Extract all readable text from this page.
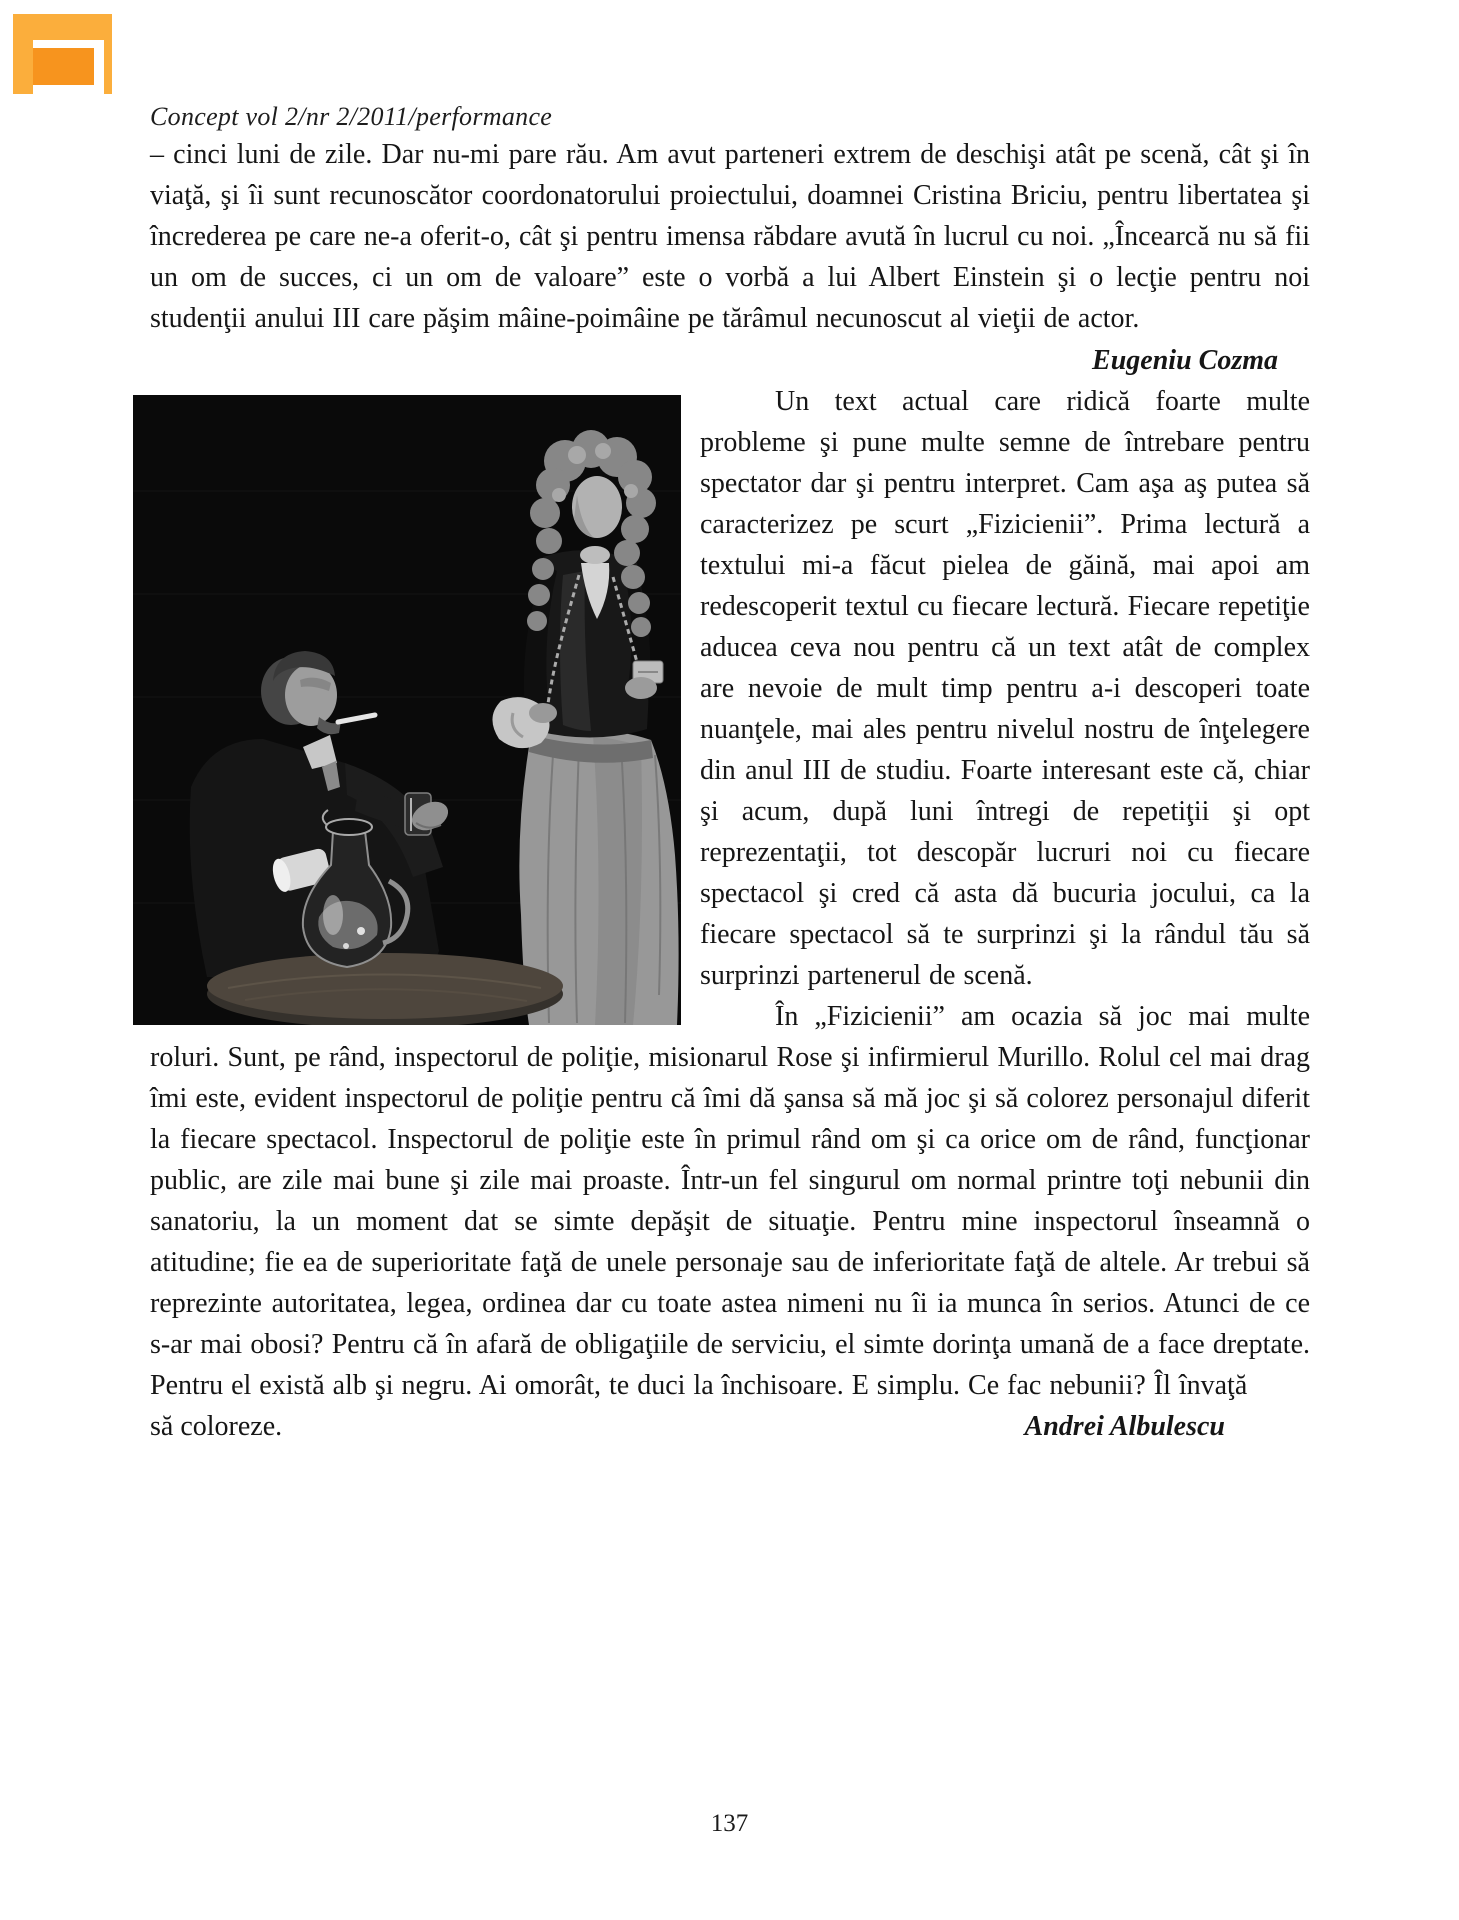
Concept vol 2/nr 2/2011/performance

– cinci luni de zile. Dar nu-mi pare rău. Am avut parteneri extrem de deschişi atât pe scenă, cât şi în viaţă, şi îi sunt recunoscător coordonatorului proiectului, doamnei Cristina Briciu, pentru libertatea şi încrederea pe care ne-a oferit-o, cât şi pentru imensa răbdare avută în lucrul cu noi. „Încearcă nu să fii un om de succes, ci un om de valoare” este o vorbă a lui Albert Einstein şi o lecţie pentru noi studenţii anului III care păşim mâine-poimâine pe tărâmul necunoscut al vieţii de actor.

Eugeniu Cozma

Un text actual care ridică foarte multe probleme şi pune multe semne de întrebare pentru spectator dar şi pentru interpret. Cam aşa aş putea să caracterizez pe scurt „Fizicienii”. Prima lectură a textului mi-a făcut pielea de găină, mai apoi am redescoperit textul cu fiecare lectură. Fiecare repetiţie aducea ceva nou pentru că un text atât de complex are nevoie de mult timp pentru a-i descoperi toate nuanţele, mai ales pentru nivelul nostru de înţelegere din anul III de studiu. Foarte interesant este că, chiar şi acum, după luni întregi de repetiţii şi opt reprezentaţii, tot descopăr lucruri noi cu fiecare spectacol şi cred că asta dă bucuria jocului, ca la fiecare spectacol să te surprinzi şi la rândul tău să surprinzi partenerul de scenă.

În „Fizicienii” am ocazia să joc mai multe roluri. Sunt, pe rând, inspectorul de poliţie, misionarul Rose şi infirmierul Murillo. Rolul cel mai drag îmi este, evident inspectorul de poliţie pentru că îmi dă şansa să mă joc şi să colorez personajul diferit la fiecare spectacol. Inspectorul de poliţie este în primul rând om şi ca orice om de rând, funcţionar public, are zile mai bune şi zile mai proaste. Într-un fel singurul om normal printre toţi nebunii din sanatoriu, la un moment dat se simte depăşit de situaţie. Pentru mine inspectorul înseamnă o atitudine; fie ea de superioritate faţă de unele personaje sau de inferioritate faţă de altele. Ar trebui să reprezinte autoritatea, legea, ordinea dar cu toate astea nimeni nu îi ia munca în serios. Atunci de ce s-ar mai obosi? Pentru că în afară de obligaţiile de serviciu, el simte dorinţa umană de a face dreptate. Pentru el există alb şi negru. Ai omorât, te duci la închisoare. E simplu. Ce fac nebunii? Îl învaţă

să coloreze.	Andrei Albulescu
137
